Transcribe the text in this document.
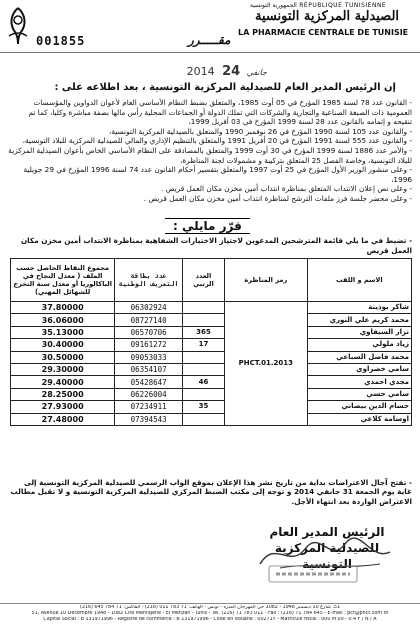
RÉPUBLIQUE TUNISIENNE الجمهورية التونسية
الصيدلية المركزية التونسية
LA PHARMACIE CENTRALE DE TUNISIE
001855	مقـــــرر
2014	جانفي 24
إن الرئيس المدير العام للصيدلية المركزية التونسية ، بعد اطلاعه على :

- القانون عدد 78 لسنة 1985 المؤرخ في 05 أوت 1985، والمتعلق بضبط النظام الأساسي العام لأعوان الدواوين والمؤسسات العمومية ذات الصبغة الصناعية والتجارية والشركات التي تملك الدولة أو الجماعات المحلية رأس مالها بصفة مباشرة وكليا، كما تم تنقيحه و إتمامه بالقانون عدد 28 لسنة 1999 المؤرخ في 03 أفريل 1999،

- والقانون عدد 105 لسنة 1990 المؤرخ في 26 نوفمبر 1990 والمتعلق بالصيدلية المركزية التونسية،

- والقانون عدد 555 لسنة 1991 المؤرخ في 20 أفريل 1991 والمتعلق بالتنظيم الإداري والمالي للصيدلية المركزية للبلاد التونسية،

- والأمر عدد 1886 لسنة 1999 المؤرخ في 30 أوت 1999 والمتعلق بالمصادقة على النظام الأساسي الخاص بأعوان الصيدلية المركزية للبلاد التونسية، وخاصة الفصل 25 المتعلق بتركيبة و مشمولات لجنة المناظرة،

- وعلى منشور الوزير الأول المؤرخ في 25 أوت 1997 والمتعلق بتفسير أحكام القانون عدد 74 لسنة 1996 المؤرخ في 29 جويلية 1996،

- وعلى نص إعلان الانتداب المتعلق بمناظرة انتداب أمين مخزن مكان العمل قريص .

- وعلى محضر جلسة فرز ملفات الترشح لمناظرة انتداب أمين مخزن مكان العمل قريص .

قرّر مايلي :
- تضبط في ما يلي قائمة المترشحين المدعوين لاجتياز الاختبارات الشفاهية بمناظرة الانتداب أمين مخزن مكان العمل قريص
مجموع النقاط الحاصل حسب الملف ( معدل النجاح في الباكالوريا أو معدل سنة التخرج للشهائل المهني)	عدد بطاقة التعريف الوطنية	العدد الرتبي	رمز المناظرة	الاسم و اللقب
37.80000	06302924		PHCT.01.2013	شاكر بوذينة
36.06000	08727140			محمد كريم علي النوري
35.13000	06570706	365		نزار السيفاوي
30.40000	09161272	17		زياد ملولي
30.50000	09053033			محمد فاضل السباعي
29.30000	06354107			سامي خضراوي
29.40000	05428647	46		مجدي احمدي
28.25000	06226004			سامي حسي
27.93000	07234911	35		حسام الدين بيضاني
27.48000	07394543			اوسامة كلاعي
- تفتح آجال الاعتراضات بداية من تاريخ نشر هذا الإعلان بموقع الواب الرسمي للصيدلية المركزية التونسية إلى غاية يوم الجمعة 31 جانفي 2014 و توجه إلى مكتب الضبط المركزي للصيدلية المركزية التونسية و لا تقبل مطالب الاعتراض الواردة بعد انتهاء الأجل.
الرئيس المدير العام
للصيدلية المركزية التونسية
51، شارع 10 ديسمبر 1948 - 1082 حي المهرجان المنزه - تونس - الهاتف: 71 783 011 (216) - الفاكس: 71 784 645 (216)
51, Avenue 10 Décembre 1948 - 1082 Cité Mahrajène - El Menzah - Tunis - Tél. (216) 71 783 011 - Fax : (216) 71 784 645 - E-mail : pct@phct.com.tn
Capital Social : B 131971996 - Registre de commerce : B 131971996 - Code en douane : 00271Y - Matricule fiscal : 000 M 00 - 0 4 F / N / A
